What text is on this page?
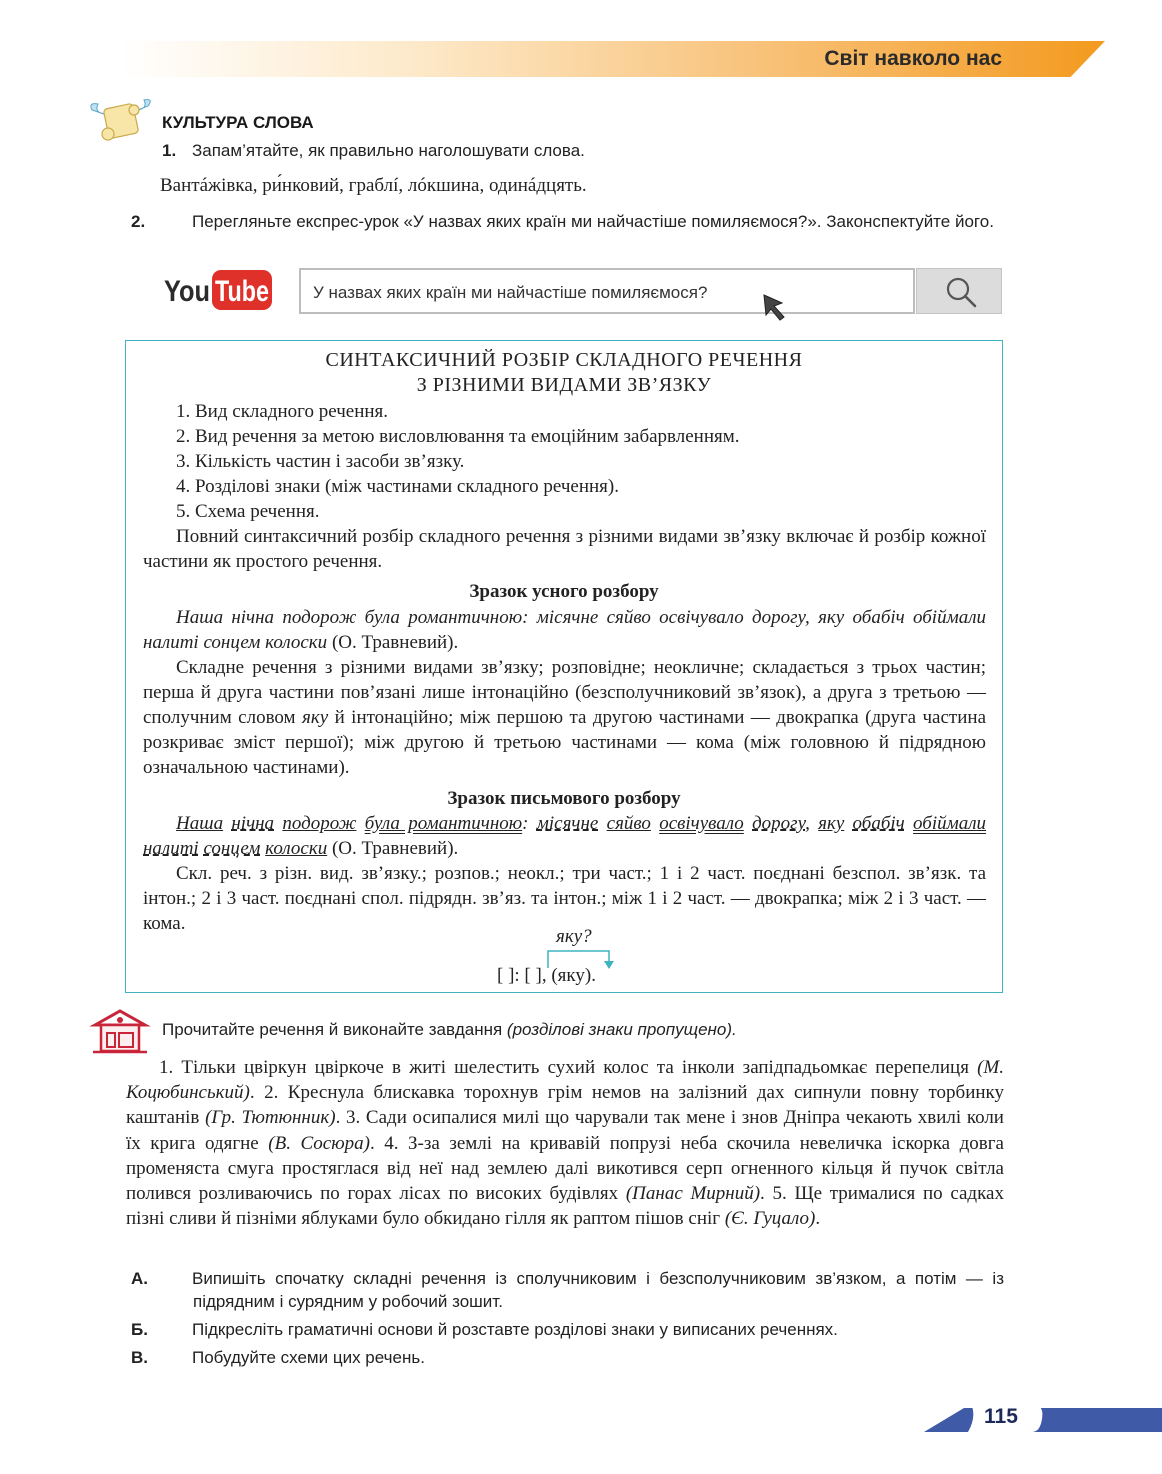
Світ навколо нас
КУЛЬТУРА СЛОВА
1. Запам’ятайте, як правильно наголошувати слова.
Вантáжівка, ри́нковий, граблí, лóкшина, одинáдцять.
2.	Перегляньте експрес-урок «У назвах яких країн ми найчастіше помиляємося?». Законспектуйте його.
You Tube	У назвах яких країн ми найчастіше помиляємося?
СИНТАКСИЧНИЙ РОЗБІР СКЛАДНОГО РЕЧЕННЯ
З РІЗНИМИ ВИДАМИ ЗВ’ЯЗКУ
1. Вид складного речення.
2. Вид речення за метою висловлювання та емоційним забарвленням.
3. Кількість частин і засоби зв’язку.
4. Розділові знаки (між частинами складного речення).
5. Схема речення.
Повний синтаксичний розбір складного речення з різними видами зв’язку включає й розбір кожної частини як простого речення.
Зразок усного розбору
Наша нічна подорож була романтичною: місячне сяйво освічувало дорогу, яку обабіч обіймали налиті сонцем колоски (О. Травневий).
Складне речення з різними видами зв’язку; розповідне; неокличне; складається з трьох частин; перша й друга частини пов’язані лише інтонаційно (безсполучниковий зв’язок), а друга з третьою — сполучним словом яку й інтонаційно; між першою та другою частинами — двокрапка (друга частина розкриває зміст першої); між другою й третьою частинами — кома (між головною й підрядною означальною частинами).
Зразок письмового розбору
Наша нічна подорож була романтичною: місячне сяйво освічувало дорогу, яку обабіч обіймали налиті сонцем колоски (О. Травневий).
Скл. реч. з різн. вид. зв’язку.; розпов.; неокл.; три част.; 1 і 2 част. поєднані безспол. зв’язк. та інтон.; 2 і 3 част. поєднані спол. підрядн. зв’яз. та інтон.; між 1 і 2 част. — двокрапка; між 2 і 3 част. — кома.
яку?
[ ]: [ ], (яку).
Прочитайте речення й виконайте завдання (розділові знаки пропущено).
1. Тільки цвіркун цвіркоче в житі шелестить сухий колос та інколи запідпадьомкає перепелиця (М. Коцюбинський). 2. Креснула блискавка торохнув грім немов на залізний дах сипнули повну торбинку каштанів (Гр. Тютюнник). 3. Сади осипалися милі що чарували так мене і знов Дніпра чекають хвилі коли їх крига одягне (В. Сосюра). 4. З-за землі на кривавій попрузі неба скочила невеличка іскорка довга променяста смуга простяглася від неї над землею далі викотився серп огненного кільця й пучок світла полився розливаючись по горах лісах по високих будівлях (Панас Мирний). 5. Ще трималися по садках пізні сливи й пізніми яблуками було обкидано гілля як раптом пішов сніг (Є. Гуцало).
А.	Випишіть спочатку складні речення із сполучниковим і безсполучниковим зв’язком, а потім — із підрядним і сурядним у робочий зошит.
Б.	Підкресліть граматичні основи й розставте розділові знаки у виписаних реченнях.
В.	Побудуйте схеми цих речень.
115
